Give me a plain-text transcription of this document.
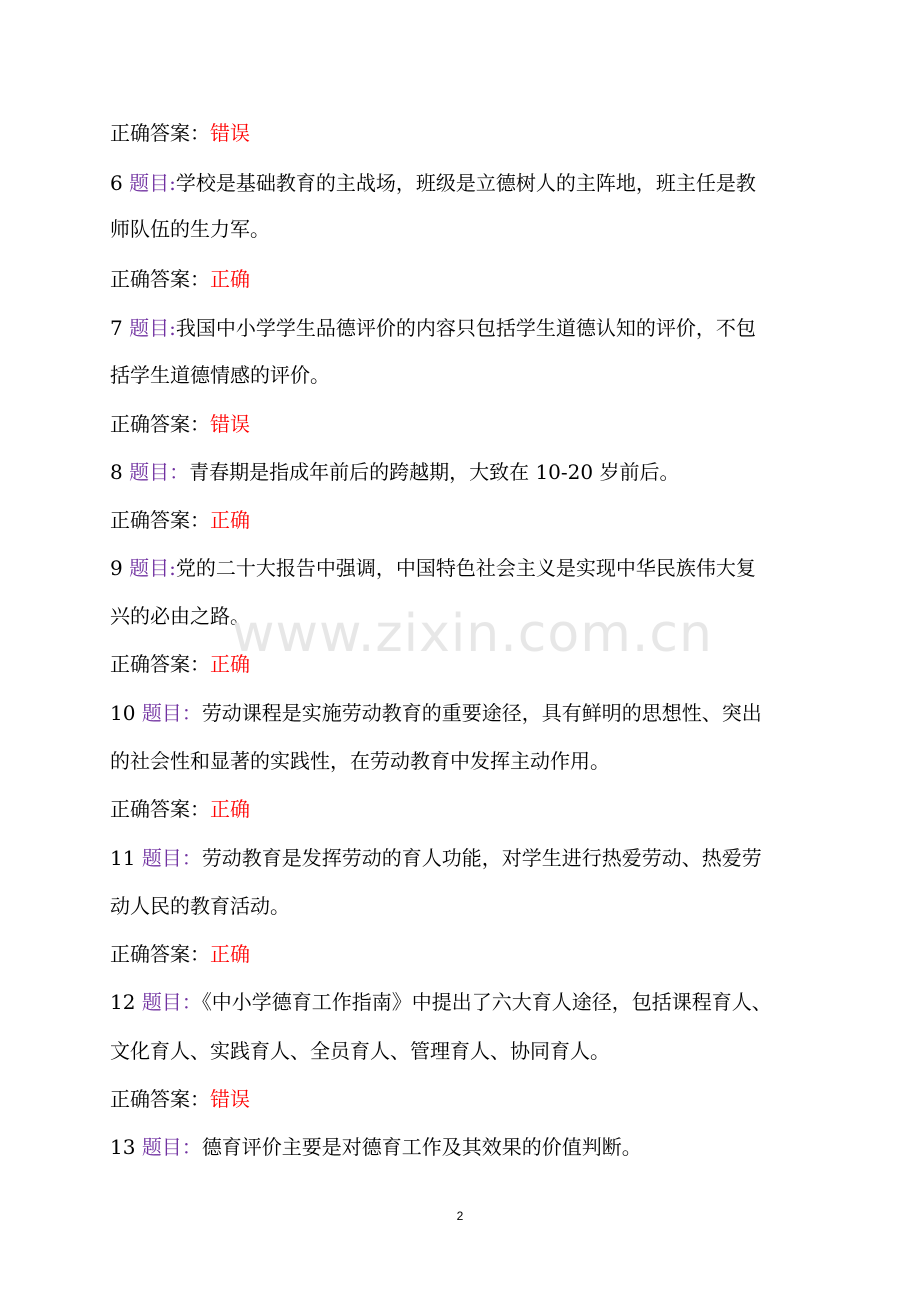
正确答案：错误
6 题目:学校是基础教育的主战场，班级是立德树人的主阵地，班主任是教
师队伍的生力军。
正确答案：正确
7 题目:我国中小学学生品德评价的内容只包括学生道德认知的评价，不包
括学生道德情感的评价。
正确答案：错误
8 题目：青春期是指成年前后的跨越期，大致在 10-20 岁前后。
正确答案：正确
9 题目:党的二十大报告中强调，中国特色社会主义是实现中华民族伟大复
兴的必由之路。
正确答案：正确
10 题目：劳动课程是实施劳动教育的重要途径，具有鲜明的思想性、突出
的社会性和显著的实践性，在劳动教育中发挥主动作用。
正确答案：正确
11 题目：劳动教育是发挥劳动的育人功能，对学生进行热爱劳动、热爱劳
动人民的教育活动。
正确答案：正确
12 题目：《中小学德育工作指南》中提出了六大育人途径，包括课程育人、
文化育人、实践育人、全员育人、管理育人、协同育人。
正确答案：错误
13 题目：德育评价主要是对德育工作及其效果的价值判断。
www.zixin.com.cn
2
